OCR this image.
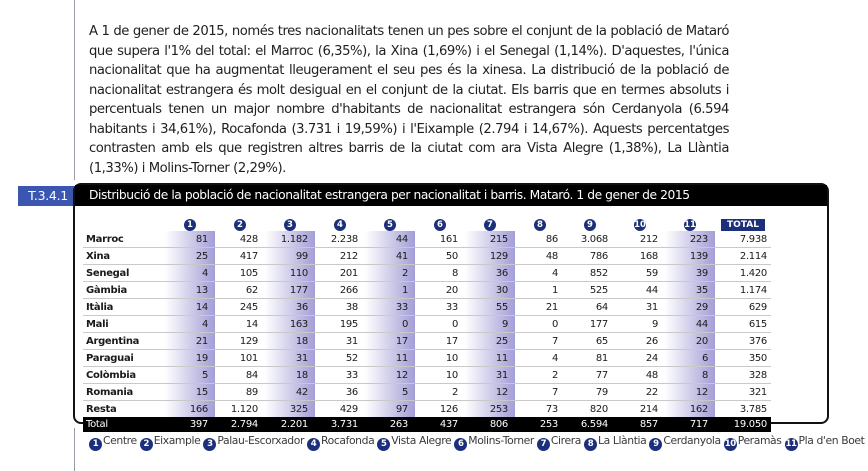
A 1 de gener de 2015, només tres nacionalitats tenen un pes sobre el conjunt de la població de Mataró que supera l'1% del total: el Marroc (6,35%), la Xina (1,69%) i el Senegal (1,14%). D'aquestes, l'única nacionalitat que ha augmentat lleugerament el seu pes és la xinesa. La distribució de la població de nacionalitat estrangera és molt desigual en el conjunt de la ciutat. Els barris que en termes absoluts i percentuals tenen un major nombre d'habitants de nacionalitat estrangera són Cerdanyola (6.594 habitants i 34,61%), Rocafonda (3.731 i 19,59%) i l'Eixample (2.794 i 14,67%). Aquests percentatges contrasten amb els que registren altres barris de la ciutat com ara Vista Alegre (1,38%), La Llàntia (1,33%) i Molins-Torner (2,29%).

T.3.4.1	Distribució de la població de nacionalitat estrangera per nacionalitat i barris. Mataró. 1 de gener de 2015
	1	2	3	4	5	6	7	8	9	10	11	TOTAL
Marroc	81	428	1.182	2.238	44	161	215	86	3.068	212	223	7.938
Xina	25	417	99	212	41	50	129	48	786	168	139	2.114
Senegal	4	105	110	201	2	8	36	4	852	59	39	1.420
Gàmbia	13	62	177	266	1	20	30	1	525	44	35	1.174
Itàlia	14	245	36	38	33	33	55	21	64	31	29	629
Mali	4	14	163	195	0	0	9	0	177	9	44	615
Argentina	21	129	18	31	17	17	25	7	65	26	20	376
Paraguai	19	101	31	52	11	10	11	4	81	24	6	350
Colòmbia	5	84	18	33	12	10	31	2	77	48	8	328
Romania	15	89	42	36	5	2	12	7	79	22	12	321
Resta	166	1.120	325	429	97	126	253	73	820	214	162	3.785
Total	397	2.794	2.201	3.731	263	437	806	253	6.594	857	717	19.050
1 Centre 2 Eixample 3 Palau-Escorxador 4 Rocafonda 5 Vista Alegre 6 Molins-Torner 7 Cirera 8 La Llàntia 9 Cerdanyola 10 Peramàs 11 Pla d'en Boet
